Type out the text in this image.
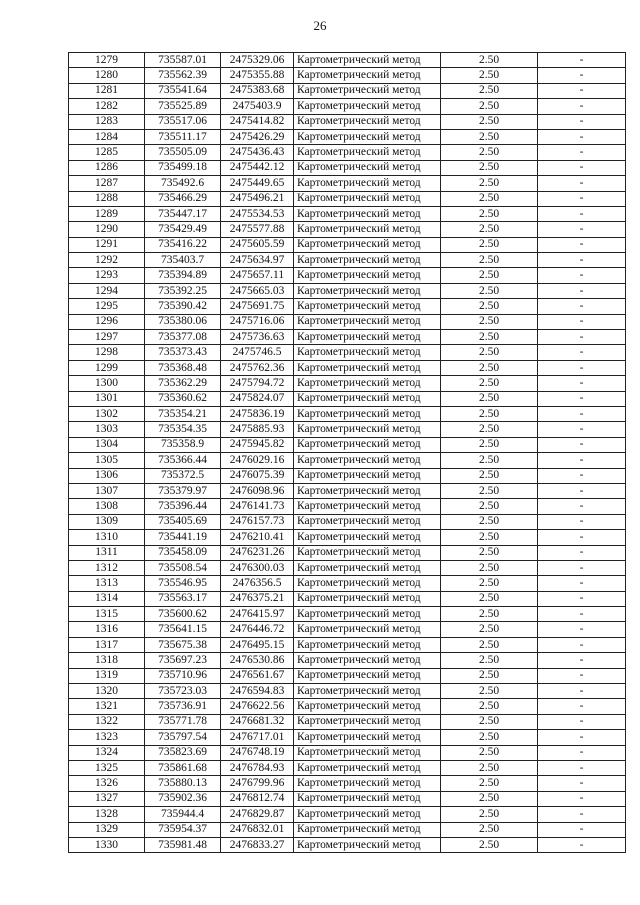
26
1279	735587.01	2475329.06	Картометрический метод	2.50	-
1280	735562.39	2475355.88	Картометрический метод	2.50	-
1281	735541.64	2475383.68	Картометрический метод	2.50	-
1282	735525.89	2475403.9	Картометрический метод	2.50	-
1283	735517.06	2475414.82	Картометрический метод	2.50	-
1284	735511.17	2475426.29	Картометрический метод	2.50	-
1285	735505.09	2475436.43	Картометрический метод	2.50	-
1286	735499.18	2475442.12	Картометрический метод	2.50	-
1287	735492.6	2475449.65	Картометрический метод	2.50	-
1288	735466.29	2475496.21	Картометрический метод	2.50	-
1289	735447.17	2475534.53	Картометрический метод	2.50	-
1290	735429.49	2475577.88	Картометрический метод	2.50	-
1291	735416.22	2475605.59	Картометрический метод	2.50	-
1292	735403.7	2475634.97	Картометрический метод	2.50	-
1293	735394.89	2475657.11	Картометрический метод	2.50	-
1294	735392.25	2475665.03	Картометрический метод	2.50	-
1295	735390.42	2475691.75	Картометрический метод	2.50	-
1296	735380.06	2475716.06	Картометрический метод	2.50	-
1297	735377.08	2475736.63	Картометрический метод	2.50	-
1298	735373.43	2475746.5	Картометрический метод	2.50	-
1299	735368.48	2475762.36	Картометрический метод	2.50	-
1300	735362.29	2475794.72	Картометрический метод	2.50	-
1301	735360.62	2475824.07	Картометрический метод	2.50	-
1302	735354.21	2475836.19	Картометрический метод	2.50	-
1303	735354.35	2475885.93	Картометрический метод	2.50	-
1304	735358.9	2475945.82	Картометрический метод	2.50	-
1305	735366.44	2476029.16	Картометрический метод	2.50	-
1306	735372.5	2476075.39	Картометрический метод	2.50	-
1307	735379.97	2476098.96	Картометрический метод	2.50	-
1308	735396.44	2476141.73	Картометрический метод	2.50	-
1309	735405.69	2476157.73	Картометрический метод	2.50	-
1310	735441.19	2476210.41	Картометрический метод	2.50	-
1311	735458.09	2476231.26	Картометрический метод	2.50	-
1312	735508.54	2476300.03	Картометрический метод	2.50	-
1313	735546.95	2476356.5	Картометрический метод	2.50	-
1314	735563.17	2476375.21	Картометрический метод	2.50	-
1315	735600.62	2476415.97	Картометрический метод	2.50	-
1316	735641.15	2476446.72	Картометрический метод	2.50	-
1317	735675.38	2476495.15	Картометрический метод	2.50	-
1318	735697.23	2476530.86	Картометрический метод	2.50	-
1319	735710.96	2476561.67	Картометрический метод	2.50	-
1320	735723.03	2476594.83	Картометрический метод	2.50	-
1321	735736.91	2476622.56	Картометрический метод	2.50	-
1322	735771.78	2476681.32	Картометрический метод	2.50	-
1323	735797.54	2476717.01	Картометрический метод	2.50	-
1324	735823.69	2476748.19	Картометрический метод	2.50	-
1325	735861.68	2476784.93	Картометрический метод	2.50	-
1326	735880.13	2476799.96	Картометрический метод	2.50	-
1327	735902.36	2476812.74	Картометрический метод	2.50	-
1328	735944.4	2476829.87	Картометрический метод	2.50	-
1329	735954.37	2476832.01	Картометрический метод	2.50	-
1330	735981.48	2476833.27	Картометрический метод	2.50	-
